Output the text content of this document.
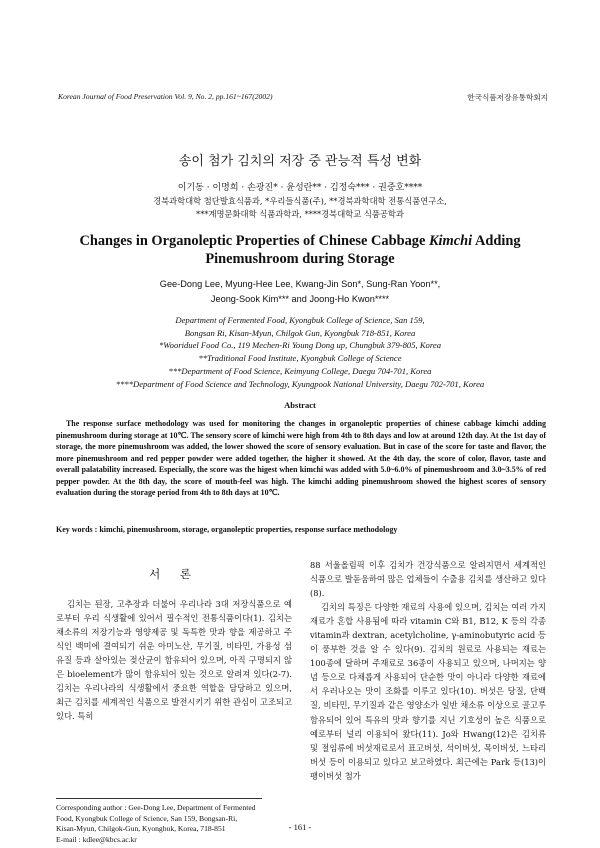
Korean Journal of Food Preservation Vol. 9, No. 2, pp.161~167(2002)	한국식품저장유통학회지
송이 첨가 김치의 저장 중 관능적 특성 변화
이기동 · 이명희 · 손광진* · 윤성란** · 김정숙*** · 권중호****
경북과학대학 첨단발효식품과, *우리들식품(주), **경북과학대학 전통식품연구소,
***계명문화대학 식품과학과, ****경북대학교 식품공학과
Changes in Organoleptic Properties of Chinese Cabbage Kimchi Adding
Pinemushroom during Storage
Gee-Dong Lee, Myung-Hee Lee, Kwang-Jin Son*, Sung-Ran Yoon**,
Jeong-Sook Kim*** and Joong-Ho Kwon****
Department of Fermented Food, Kyongbuk College of Science, San 159,
Bongsan Ri, Kisan-Myun, Chilgok Gun, Kyongbuk 718-851, Korea
*Wooriduel Food Co., 119 Mechen-Ri Young Dong up, Chungbuk 379-805, Korea
**Traditional Food Institute, Kyongbuk College of Science
***Department of Food Science, Keimyung College, Daegu 704-701, Korea
****Department of Food Science and Technology, Kyungpook National University, Daegu 702-701, Korea
Abstract

The response surface methodology was used for monitoring the changes in organoleptic properties of chinese cabbage kimchi adding pinemushroom during storage at 10℃. The sensory score of kimchi were high from 4th to 8th days and low at around 12th day. At the 1st day of storage, the more pinemushroom was added, the lower showed the score of sensory evaluation. But in case of the score for taste and flavor, the more pinemushroom and red pepper powder were added together, the higher it showed. At the 4th day, the score of color, flavor, taste and overall palatability increased. Especially, the score was the higest when kimchi was added with 5.0~6.0% of pinemushroom and 3.0~3.5% of red pepper powder. At the 8th day, the score of mouth-feel was high. The kimchi adding pinemushroom showed the highest scores of sensory evaluation during the storage period from 4th to 8th days at 10℃.

Key words : kimchi, pinemushroom, storage, organoleptic properties, response surface methodology
서 론

김치는 된장, 고추장과 더불어 우리나라 3대 저장식품으로 예로부터 우리 식생활에 있어서 필수적인 전통식품이다(1). 김치는 채소류의 저장기능과 영양제공 및 독특한 맛과 향을 제공하고 주식인 백미에 결여되기 쉬운 아미노산, 무기질, 비타민, 가용성 섬유질 등과 살아있는 젖산균이 함유되어 있으며, 아직 구명되지 않은 bioelement가 많이 함유되어 있는 것으로 알려져 있다(2-7). 김치는 우리나라의 식생활에서 중요한 역할을 담당하고 있으며, 최근 김치를 세계적인 식품으로 발전시키기 위한 관심이 고조되고 있다. 특히

88 서울올림픽 이후 김치가 건강식품으로 알려지면서 세계적인 식품으로 발돋움하여 많은 업체들이 수출용 김치를 생산하고 있다(8).

김치의 특징은 다양한 재료의 사용에 있으며, 김치는 여러 가지 재료가 혼합 사용됨에 따라 vitamin C와 B1, B12, K 등의 각종 vitamin과 dextran, acetylcholine, γ-aminobutyric acid 등이 풍부한 것을 알 수 있다(9). 김치의 원료로 사용되는 재료는 100종에 달하며 주재료로 36종이 사용되고 있으며, 나머지는 양념 등으로 다채롭게 사용되어 단순한 맛이 아니라 다양한 재료에서 우러나오는 맛이 조화를 이루고 있다(10). 버섯은 당질, 단백질, 비타민, 무기질과 같은 영양소가 일반 채소류 이상으로 골고루 함유되어 있어 특유의 맛과 향기를 지닌 기호성이 높은 식품으로 예로부터 널리 이용되어 왔다(11). Jo와 Hwang(12)은 김치류 및 절임류에 버섯재료로서 표고버섯, 석이버섯, 목이버섯, 느타리버섯 등이 이용되고 있다고 보고하였다. 최근에는 Park 등(13)이 팽이버섯 첨가

Corresponding author : Gee-Dong Lee, Department of Fermented
Food, Kyongbuk College of Science, San 159, Bongsan-Ri,
Kisan-Myun, Chilgok-Gun, Kyongbuk, Korea, 718-851
E-mail : kdlee@kbcs.ac.kr
- 161 -
